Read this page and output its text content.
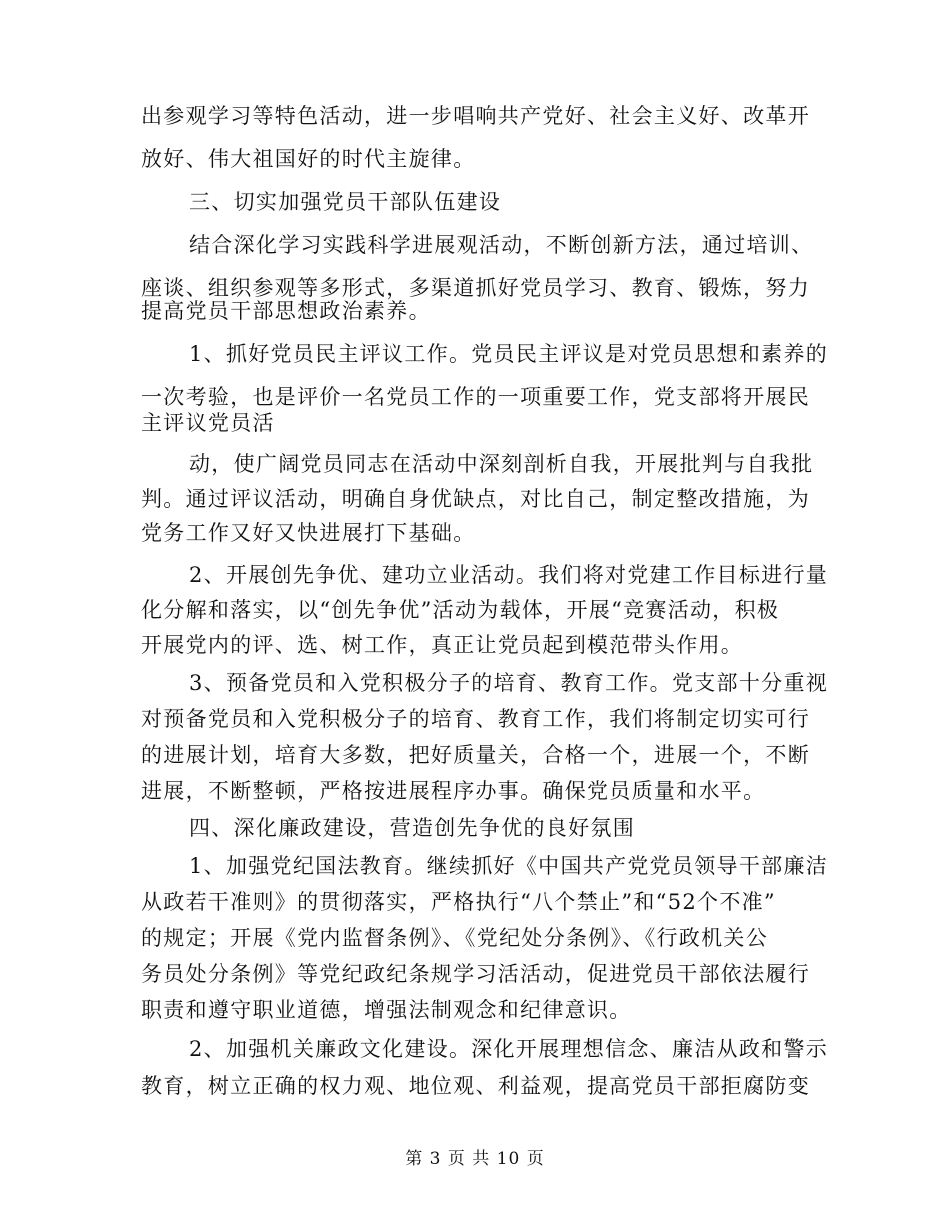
出参观学习等特色活动，进一步唱响共产党好、社会主义好、改革开
放好、伟大祖国好的时代主旋律。
三、切实加强党员干部队伍建设
结合深化学习实践科学进展观活动，不断创新方法，通过培训、
座谈、组织参观等多形式，多渠道抓好党员学习、教育、锻炼，努力
提高党员干部思想政治素养。
1、抓好党员民主评议工作。党员民主评议是对党员思想和素养的
一次考验，也是评价一名党员工作的一项重要工作，党支部将开展民
主评议党员活
动，使广阔党员同志在活动中深刻剖析自我，开展批判与自我批
判。通过评议活动，明确自身优缺点，对比自己，制定整改措施，为
党务工作又好又快进展打下基础。
2、开展创先争优、建功立业活动。我们将对党建工作目标进行量
化分解和落实，以“创先争优”活动为载体，开展“竞赛活动，积极
开展党内的评、选、树工作，真正让党员起到模范带头作用。
3、预备党员和入党积极分子的培育、教育工作。党支部十分重视
对预备党员和入党积极分子的培育、教育工作，我们将制定切实可行
的进展计划，培育大多数，把好质量关，合格一个，进展一个，不断
进展，不断整顿，严格按进展程序办事。确保党员质量和水平。
四、深化廉政建设，营造创先争优的良好氛围
1、加强党纪国法教育。继续抓好《中国共产党党员领导干部廉洁
从政若干准则》的贯彻落实，严格执行“八个禁止”和“52个不准”
的规定；开展《党内监督条例》、《党纪处分条例》、《行政机关公
务员处分条例》等党纪政纪条规学习活活动，促进党员干部依法履行
职责和遵守职业道德，增强法制观念和纪律意识。
2、加强机关廉政文化建设。深化开展理想信念、廉洁从政和警示
教育，树立正确的权力观、地位观、利益观，提高党员干部拒腐防变
第 3 页 共 10 页
